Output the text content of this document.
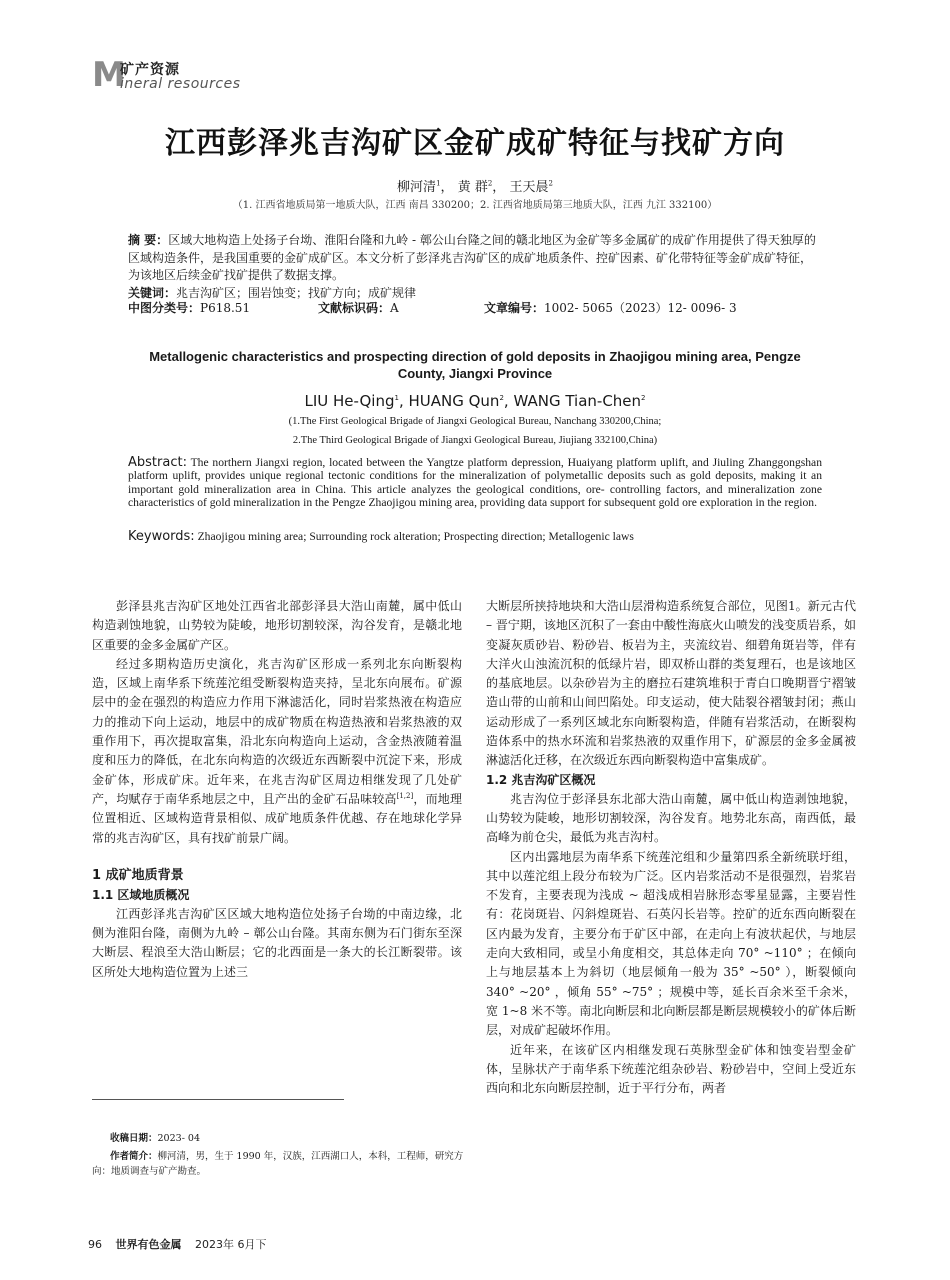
M
矿产资源
ineral resources
江西彭泽兆吉沟矿区金矿成矿特征与找矿方向
柳河清$^1$， 黄 群$^2$， 王天晨$^2$
（1. 江西省地质局第一地质大队，江西 南昌 330200；2. 江西省地质局第三地质大队，江西 九江 332100）
摘 要：区域大地构造上处扬子台坳、淮阳台隆和九岭 - 鄣公山台隆之间的赣北地区为金矿等多金属矿的成矿作用提供了得天独厚的区域构造条件，是我国重要的金矿成矿区。本文分析了彭泽兆吉沟矿区的成矿地质条件、控矿因素、矿化带特征等金矿成矿特征，为该地区后续金矿找矿提供了数据支撑。
关键词：兆吉沟矿区；围岩蚀变；找矿方向；成矿规律
中图分类号：P618.51	文献标识码：A	文章编号：1002- 5065（2023）12- 0096- 3
Metallogenic characteristics and prospecting direction of gold deposits in Zhaojigou mining area, Pengze County, Jiangxi Province
LIU He-Qing$^1$, HUANG Qun$^2$, WANG Tian-Chen$^2$
(1.The First Geological Brigade of Jiangxi Geological Bureau, Nanchang 330200,China;
2.The Third Geological Brigade of Jiangxi Geological Bureau, Jiujiang 332100,China)
Abstract: The northern Jiangxi region, located between the Yangtze platform depression, Huaiyang platform uplift, and Jiuling Zhanggongshan platform uplift, provides unique regional tectonic conditions for the mineralization of polymetallic deposits such as gold deposits, making it an important gold mineralization area in China. This article analyzes the geological conditions, ore- controlling factors, and mineralization zone characteristics of gold mineralization in the Pengze Zhaojigou mining area, providing data support for subsequent gold ore exploration in the region.
Keywords: Zhaojigou mining area; Surrounding rock alteration; Prospecting direction; Metallogenic laws

彭泽县兆吉沟矿区地处江西省北部彭泽县大浩山南麓，属中低山构造剥蚀地貌，山势较为陡峻，地形切割较深，沟谷发育，是赣北地区重要的金多金属矿产区。

经过多期构造历史演化，兆吉沟矿区形成一系列北东向断裂构造，区域上南华系下统莲沱组受断裂构造夹持，呈北东向展布。矿源层中的金在强烈的构造应力作用下淋滤活化，同时岩浆热液在构造应力的推动下向上运动，地层中的成矿物质在构造热液和岩浆热液的双重作用下，再次提取富集，沿北东向构造向上运动，含金热液随着温度和压力的降低，在北东向构造的次级近东西断裂中沉淀下来，形成金矿体，形成矿床。近年来，在兆吉沟矿区周边相继发现了几处矿产，均赋存于南华系地层之中，且产出的金矿石品味较高[1,2]，而地理位置相近、区域构造背景相似、成矿地质条件优越、存在地球化学异常的兆吉沟矿区，具有找矿前景广阔。

1 成矿地质背景
1.1 区域地质概况

江西彭泽兆吉沟矿区区域大地构造位处扬子台坳的中南边缘，北侧为淮阳台隆，南侧为九岭 – 鄣公山台隆。其南东侧为石门街东至深大断层、程浪至大浩山断层；它的北西面是一条大的长江断裂带。该区所处大地构造位置为上述三

大断层所挟持地块和大浩山层滑构造系统复合部位，见图1。新元古代 – 晋宁期，该地区沉积了一套由中酸性海底火山喷发的浅变质岩系，如变凝灰质砂岩、粉砂岩、板岩为主，夹流纹岩、细碧角斑岩等，伴有大洋火山浊流沉积的低绿片岩，即双桥山群的类复理石，也是该地区的基底地层。以杂砂岩为主的磨拉石建筑堆积于青白口晚期晋宁褶皱造山带的山前和山间凹陷处。印支运动，使大陆裂谷褶皱封闭；燕山运动形成了一系列区域北东向断裂构造，伴随有岩浆活动，在断裂构造体系中的热水环流和岩浆热液的双重作用下，矿源层的金多金属被淋滤活化迁移，在次级近东西向断裂构造中富集成矿。

1.2 兆吉沟矿区概况

兆吉沟位于彭泽县东北部大浩山南麓，属中低山构造剥蚀地貌，山势较为陡峻，地形切割较深，沟谷发育。地势北东高，南西低，最高峰为前仓尖，最低为兆吉沟村。

区内出露地层为南华系下统莲沱组和少量第四系全新统联圩组，其中以莲沱组上段分布较为广泛。区内岩浆活动不是很强烈，岩浆岩不发育，主要表现为浅成 ~ 超浅成相岩脉形态零星显露，主要岩性有：花岗斑岩、闪斜煌斑岩、石英闪长岩等。控矿的近东西向断裂在区内最为发育，主要分布于矿区中部，在走向上有波状起伏，与地层走向大致相同，或呈小角度相交，其总体走向 70° ~110° ；在倾向上与地层基本上为斜切（地层倾角一般为 35° ~50° ），断裂倾向340° ~20° ，倾角 55° ~75° ；规模中等，延长百余米至千余米，宽 1~8 米不等。南北向断层和北向断层都是断层规模较小的矿体后断层，对成矿起破坏作用。

近年来，在该矿区内相继发现石英脉型金矿体和蚀变岩型金矿体，呈脉状产于南华系下统莲沱组杂砂岩、粉砂岩中，空间上受近东西向和北东向断层控制，近于平行分布，两者

收稿日期：2023- 04
作者简介：柳河清，男，生于 1990 年，汉族，江西湖口人，本科，工程师，研究方向：地质调查与矿产勘查。
96 世界有色金属 2023年 6月下
